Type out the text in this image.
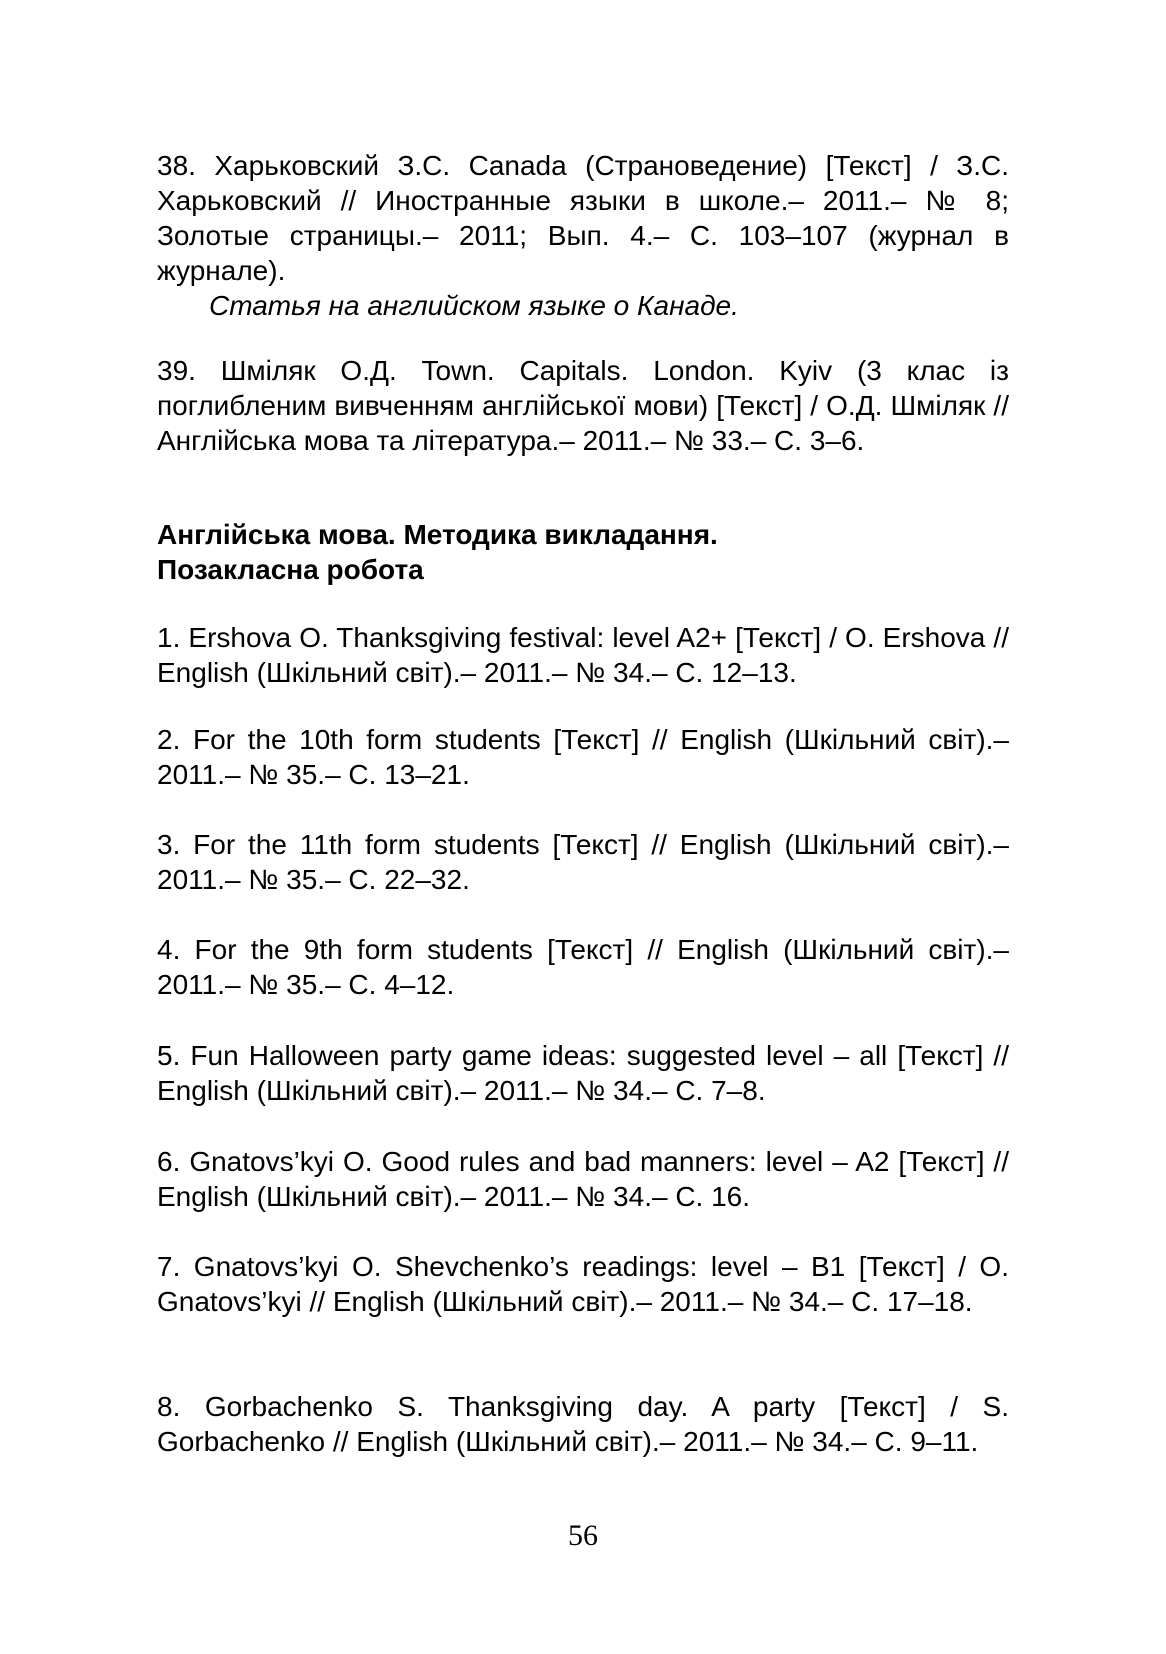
38. Харьковский З.С. Canada (Страноведение) [Текст] / З.С. Харьковский // Иностранные языки в школе.– 2011.– № 8; Золотые страницы.– 2011; Вып. 4.– С. 103–107 (журнал в журнале).

Статья на английском языке о Канаде.

39. Шміляк О.Д. Town. Capitals. London. Kyiv (3 клас із поглибленим вивченням англійської мови) [Текст] / О.Д. Шміляк // Англійська мова та література.– 2011.– № 33.– С. 3–6.

Англійська мова. Методика викладання.
Позакласна робота

1. Ershova O. Thanksgiving festival: level A2+ [Текст] / O. Ershova // English (Шкільний світ).– 2011.– № 34.– С. 12–13.

2. For the 10th form students [Текст] // English (Шкільний світ).– 2011.– № 35.– С. 13–21.

3. For the 11th form students [Текст] // English (Шкільний світ).– 2011.– № 35.– С. 22–32.

4. For the 9th form students [Текст] // English (Шкільний світ).– 2011.– № 35.– С. 4–12.

5. Fun Halloween party game ideas: suggested level – all [Текст] // English (Шкільний світ).– 2011.– № 34.– С. 7–8.

6. Gnatovs’kyi O. Good rules and bad manners: level – A2 [Текст] // English (Шкільний світ).– 2011.– № 34.– С. 16.

7. Gnatovs’kyi O. Shevchenko’s readings: level – B1 [Текст] / O. Gnatovs’kyi // English (Шкільний світ).– 2011.– № 34.– С. 17–18.

8. Gorbachenko S. Thanksgiving day. A party [Текст] / S. Gorbachenko // English (Шкільний світ).– 2011.– № 34.– С. 9–11.

56
